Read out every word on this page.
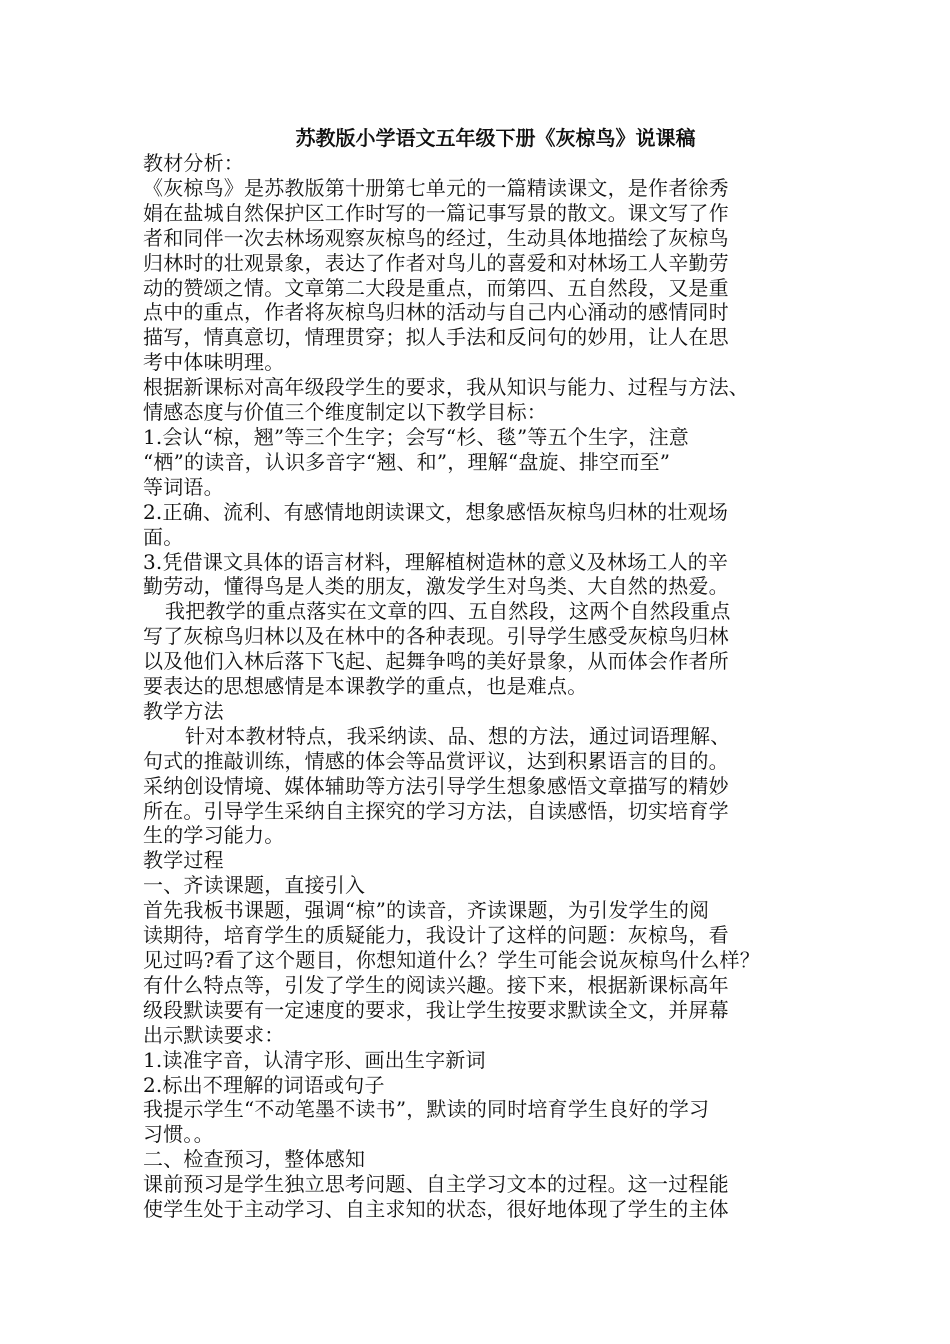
苏教版小学语文五年级下册《灰椋鸟》说课稿

教材分析：

《灰椋鸟》是苏教版第十册第七单元的一篇精读课文，是作者徐秀

娟在盐城自然保护区工作时写的一篇记事写景的散文。课文写了作

者和同伴一次去林场观察灰椋鸟的经过，生动具体地描绘了灰椋鸟

归林时的壮观景象，表达了作者对鸟儿的喜爱和对林场工人辛勤劳

动的赞颂之情。文章第二大段是重点，而第四、五自然段，又是重

点中的重点，作者将灰椋鸟归林的活动与自己内心涌动的感情同时

描写，情真意切，情理贯穿；拟人手法和反问句的妙用，让人在思

考中体味明理。

根据新课标对高年级段学生的要求，我从知识与能力、过程与方法、

情感态度与价值三个维度制定以下教学目标：

1.会认“椋，翘”等三个生字；会写“杉、毯”等五个生字，注意

“栖”的读音，认识多音字“翘、和”，理解“盘旋、排空而至”

等词语。

2.正确、流利、有感情地朗读课文，想象感悟灰椋鸟归林的壮观场

面。

3.凭借课文具体的语言材料，理解植树造林的意义及林场工人的辛

勤劳动，懂得鸟是人类的朋友，激发学生对鸟类、大自然的热爱。

我把教学的重点落实在文章的四、五自然段，这两个自然段重点

写了灰椋鸟归林以及在林中的各种表现。引导学生感受灰椋鸟归林

以及他们入林后落下飞起、起舞争鸣的美好景象，从而体会作者所

要表达的思想感情是本课教学的重点，也是难点。

教学方法

针对本教材特点，我采纳读、品、想的方法，通过词语理解、

句式的推敲训练，情感的体会等品赏评议，达到积累语言的目的。

采纳创设情境、媒体辅助等方法引导学生想象感悟文章描写的精妙

所在。引导学生采纳自主探究的学习方法，自读感悟，切实培育学

生的学习能力。

教学过程

一、齐读课题，直接引入

首先我板书课题，强调“椋”的读音，齐读课题，为引发学生的阅

读期待，培育学生的质疑能力，我设计了这样的问题：灰椋鸟，看

见过吗?看了这个题目，你想知道什么？学生可能会说灰椋鸟什么样？

有什么特点等，引发了学生的阅读兴趣。接下来，根据新课标高年

级段默读要有一定速度的要求，我让学生按要求默读全文，并屏幕

出示默读要求：

1.读准字音，认清字形、画出生字新词

2.标出不理解的词语或句子

我提示学生“不动笔墨不读书”，默读的同时培育学生良好的学习

习惯。。

二、检查预习，整体感知

课前预习是学生独立思考问题、自主学习文本的过程。这一过程能

使学生处于主动学习、自主求知的状态，很好地体现了学生的主体
